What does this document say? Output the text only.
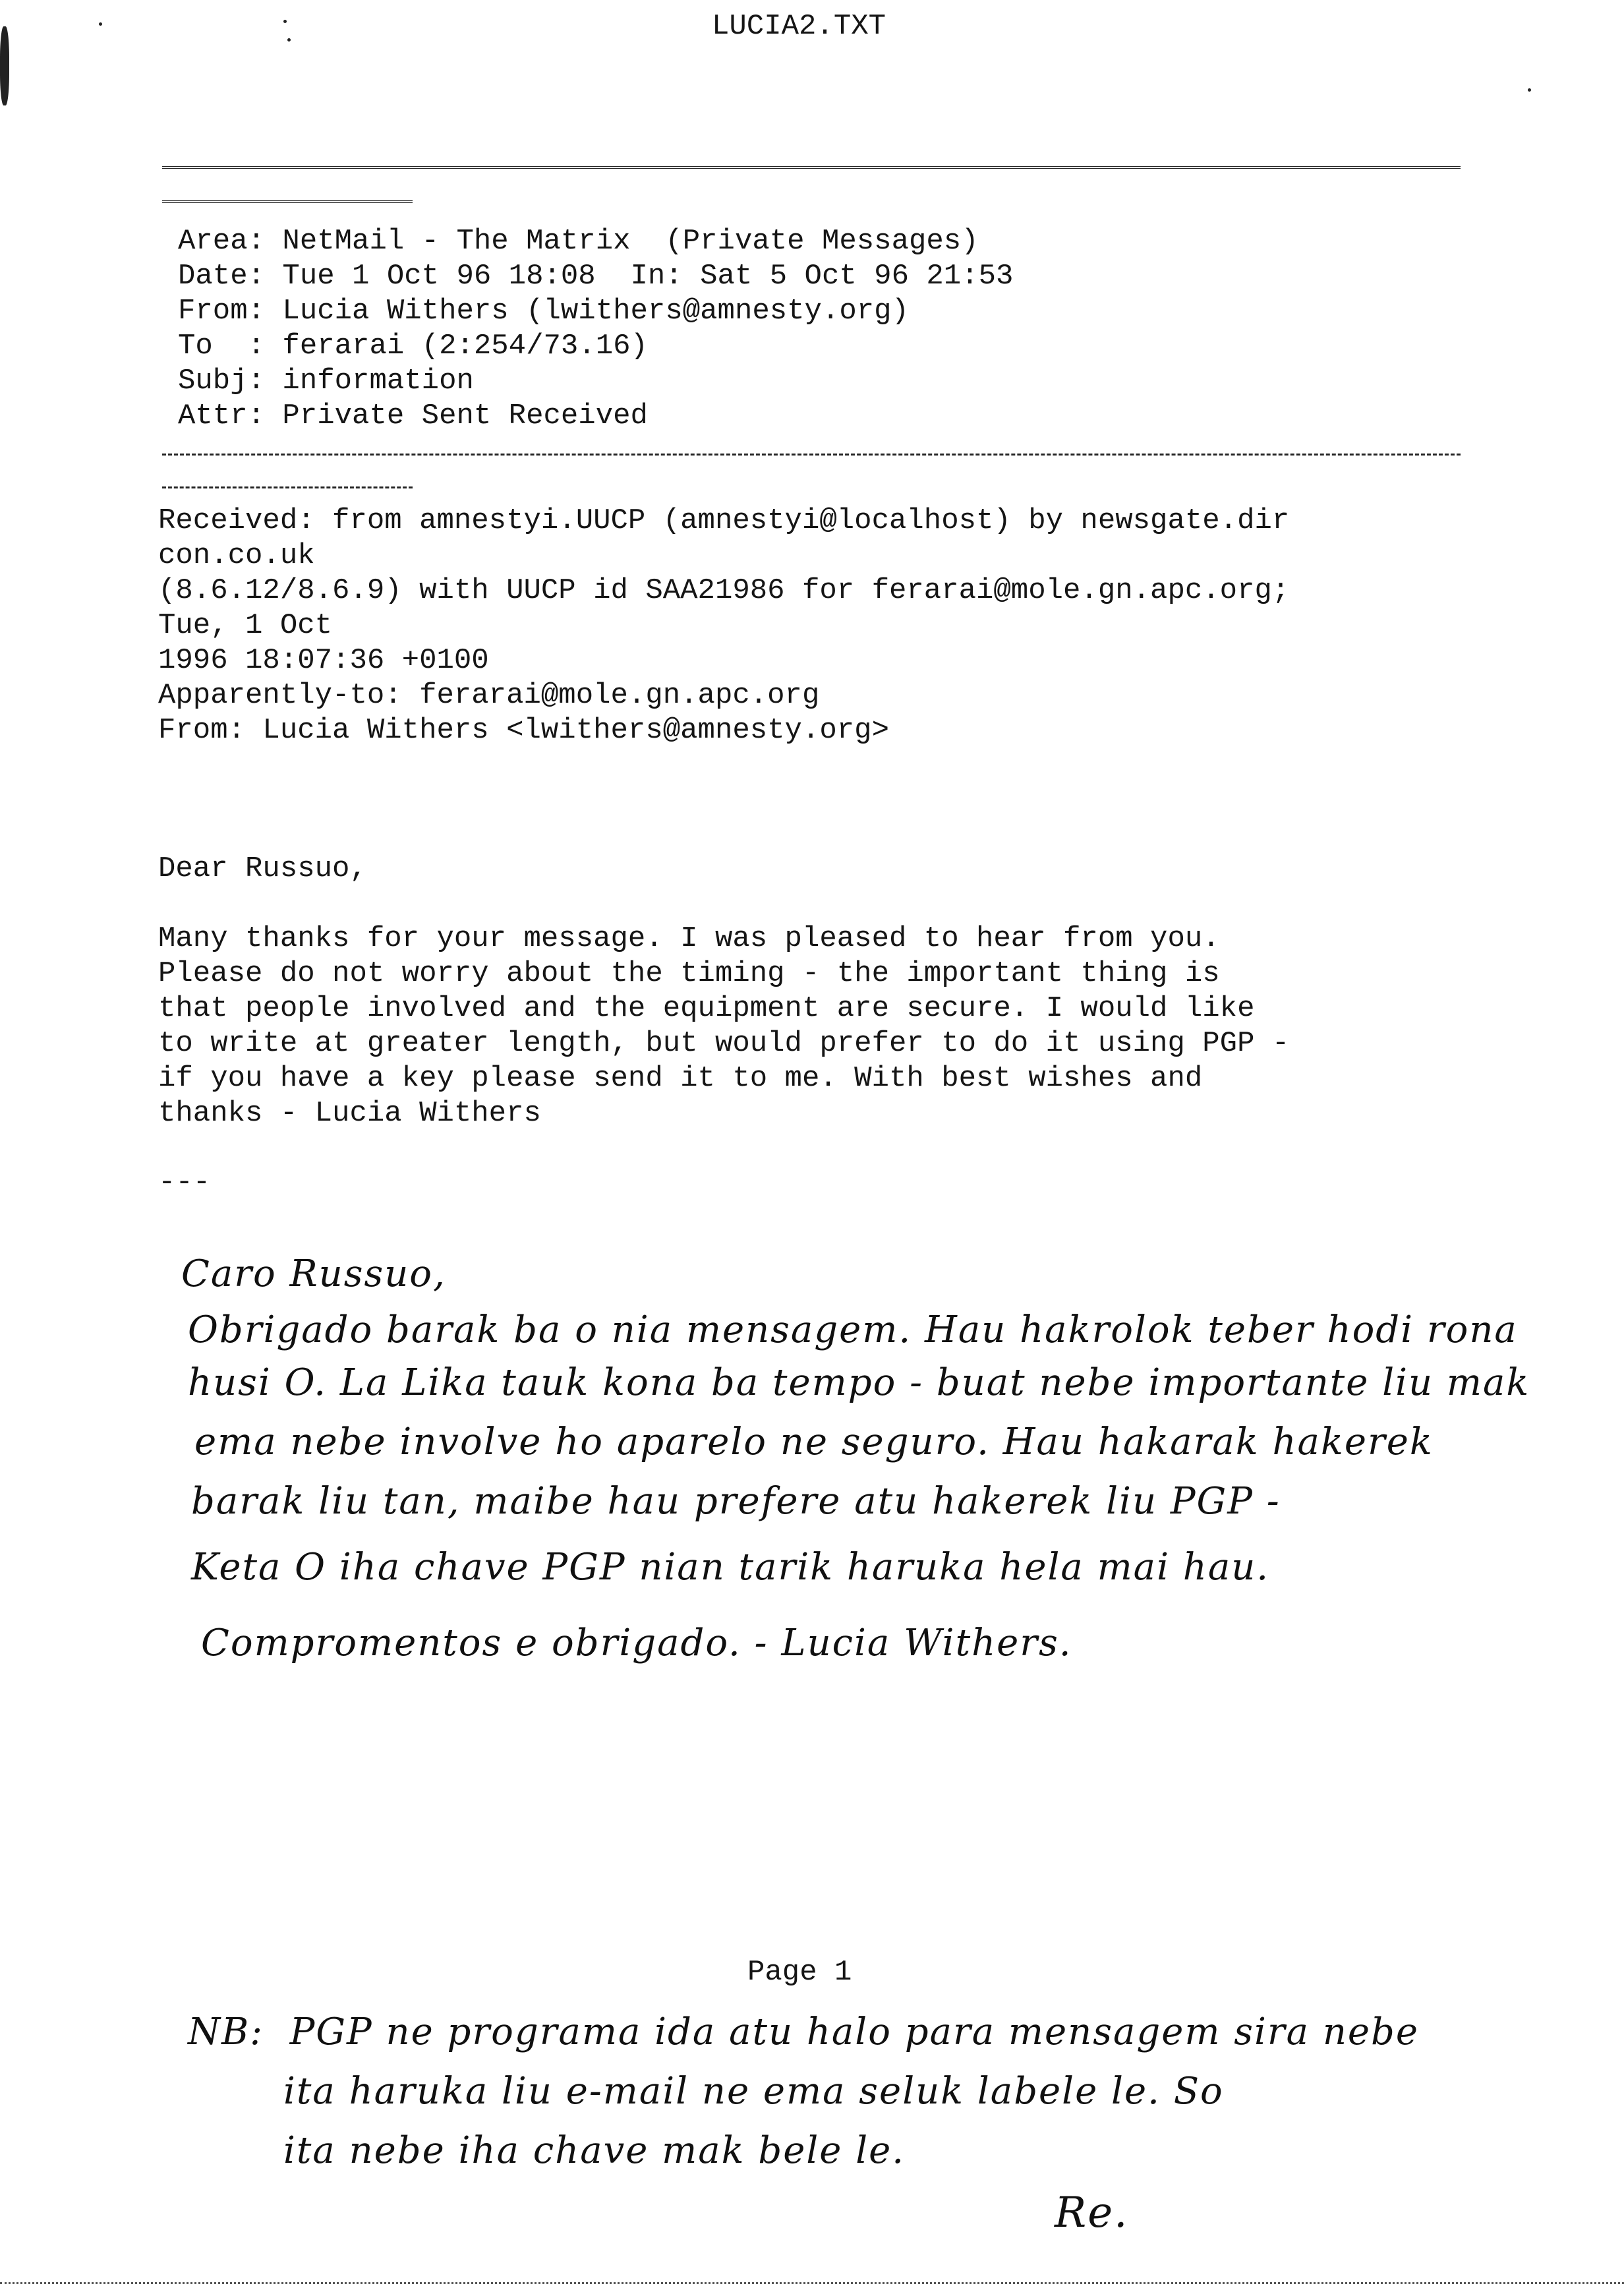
LUCIA2.TXT
Area: NetMail - The Matrix  (Private Messages)
Date: Tue 1 Oct 96 18:08  In: Sat 5 Oct 96 21:53
From: Lucia Withers (lwithers@amnesty.org)
To  : ferarai (2:254/73.16)
Subj: information
Attr: Private Sent Received
Received: from amnestyi.UUCP (amnestyi@localhost) by newsgate.dir
con.co.uk
(8.6.12/8.6.9) with UUCP id SAA21986 for ferarai@mole.gn.apc.org;
Tue, 1 Oct
1996 18:07:36 +0100
Apparently-to: ferarai@mole.gn.apc.org
From: Lucia Withers <lwithers@amnesty.org>
Dear Russuo,
Many thanks for your message. I was pleased to hear from you.
Please do not worry about the timing - the important thing is
that people involved and the equipment are secure. I would like
to write at greater length, but would prefer to do it using PGP -
if you have a key please send it to me. With best wishes and
thanks - Lucia Withers
---
Caro Russuo,
Obrigado barak ba o nia mensagem. Hau hakrolok teber hodi rona
husi O. La Lika tauk kona ba tempo - buat nebe importante liu mak
ema nebe involve ho aparelo ne seguro. Hau hakarak hakerek
barak liu tan, maibe hau prefere atu hakerek liu PGP -
Keta O iha chave PGP nian tarik haruka hela mai hau.
Compromentos e obrigado. - Lucia Withers.
Page 1
NB:  PGP ne programa ida atu halo para mensagem sira nebe
ita haruka liu e-mail ne ema seluk labele le. So
ita nebe iha chave mak bele le.
Re.
